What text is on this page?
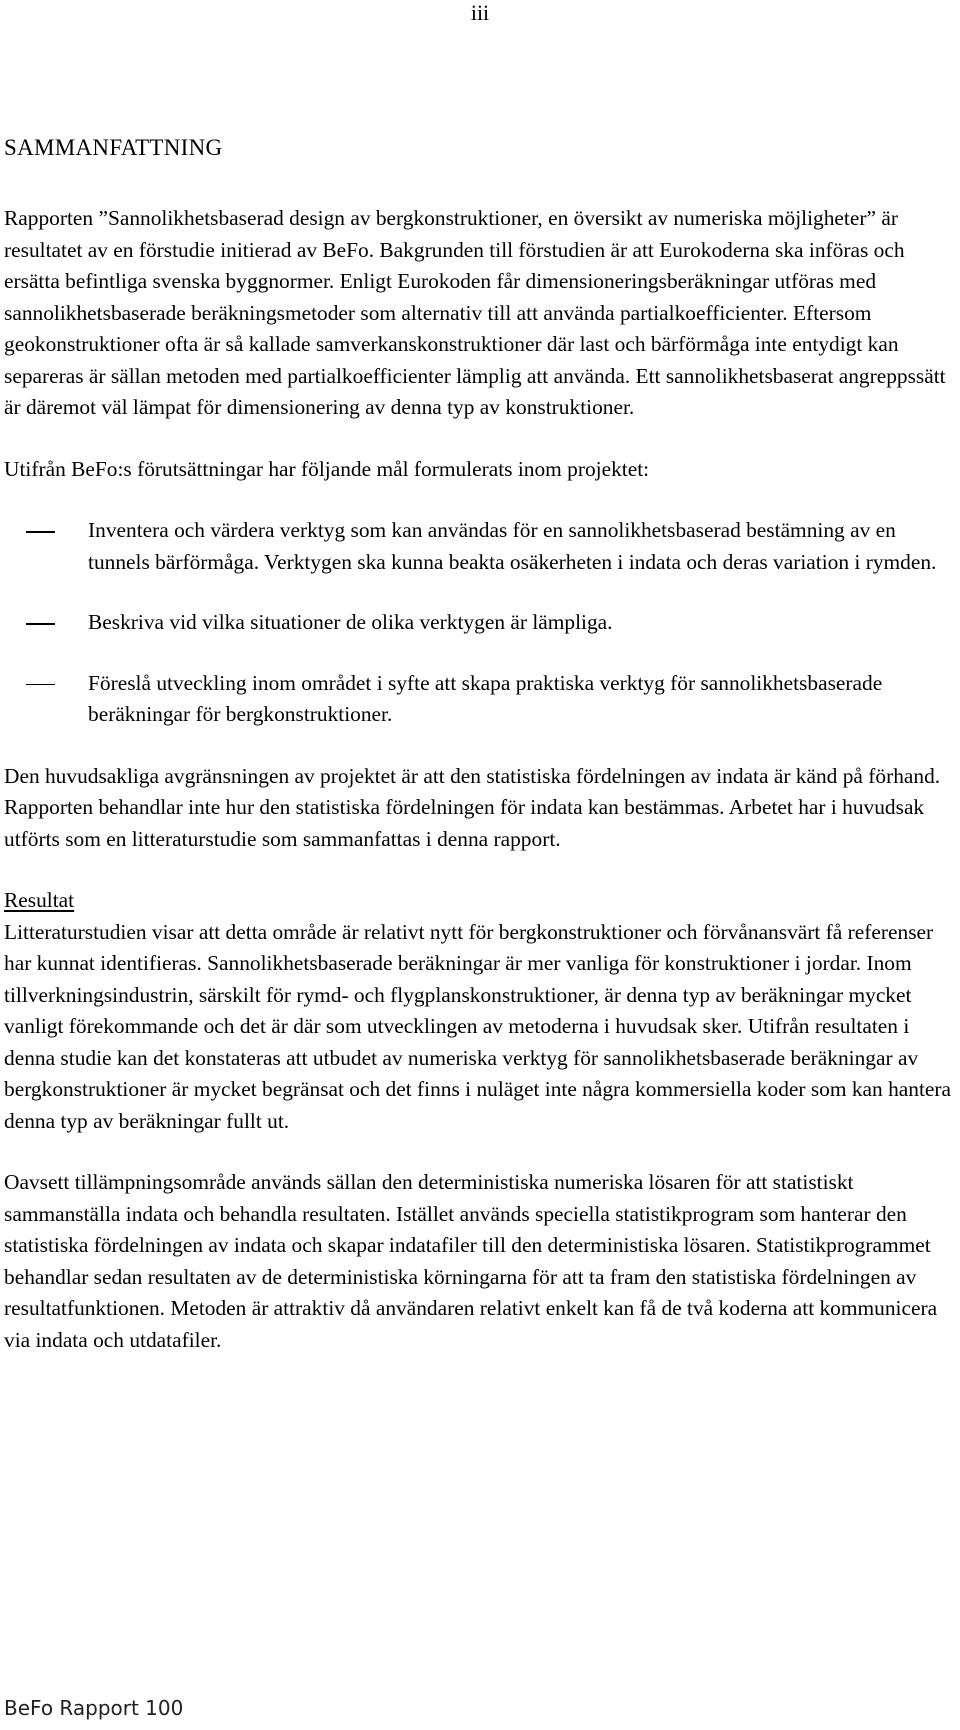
iii
SAMMANFATTNING

Rapporten ”Sannolikhetsbaserad design av bergkonstruktioner, en översikt av numeriska möjligheter” är resultatet av en förstudie initierad av BeFo. Bakgrunden till förstudien är att Eurokoderna ska införas och ersätta befintliga svenska byggnormer. Enligt Eurokoden får dimensioneringsberäkningar utföras med sannolikhetsbaserade beräkningsmetoder som alternativ till att använda partialkoefficienter. Eftersom geokonstruktioner ofta är så kallade samverkanskonstruktioner där last och bärförmåga inte entydigt kan separeras är sällan metoden med partialkoefficienter lämplig att använda. Ett sannolikhetsbaserat angreppssätt är däremot väl lämpat för dimensionering av denna typ av konstruktioner.

Utifrån BeFo:s förutsättningar har följande mål formulerats inom projektet:

Inventera och värdera verktyg som kan användas för en sannolikhetsbaserad bestämning av en tunnels bärförmåga. Verktygen ska kunna beakta osäkerheten i indata och deras variation i rymden.
Beskriva vid vilka situationer de olika verktygen är lämpliga.
Föreslå utveckling inom området i syfte att skapa praktiska verktyg för sannolikhetsbaserade beräkningar för bergkonstruktioner.

Den huvudsakliga avgränsningen av projektet är att den statistiska fördelningen av indata är känd på förhand. Rapporten behandlar inte hur den statistiska fördelningen för indata kan bestämmas. Arbetet har i huvudsak utförts som en litteraturstudie som sammanfattas i denna rapport.

Resultat
Litteraturstudien visar att detta område är relativt nytt för bergkonstruktioner och förvånansvärt få referenser har kunnat identifieras. Sannolikhetsbaserade beräkningar är mer vanliga för konstruktioner i jordar. Inom tillverkningsindustrin, särskilt för rymd- och flygplanskonstruktioner, är denna typ av beräkningar mycket vanligt förekommande och det är där som utvecklingen av metoderna i huvudsak sker. Utifrån resultaten i denna studie kan det konstateras att utbudet av numeriska verktyg för sannolikhetsbaserade beräkningar av bergkonstruktioner är mycket begränsat och det finns i nuläget inte några kommersiella koder som kan hantera denna typ av beräkningar fullt ut.

Oavsett tillämpningsområde används sällan den deterministiska numeriska lösaren för att statistiskt sammanställa indata och behandla resultaten. Istället används speciella statistikprogram som hanterar den statistiska fördelningen av indata och skapar indatafiler till den deterministiska lösaren. Statistikprogrammet behandlar sedan resultaten av de deterministiska körningarna för att ta fram den statistiska fördelningen av resultatfunktionen. Metoden är attraktiv då användaren relativt enkelt kan få de två koderna att kommunicera via indata och utdatafiler.

BeFo Rapport 100
